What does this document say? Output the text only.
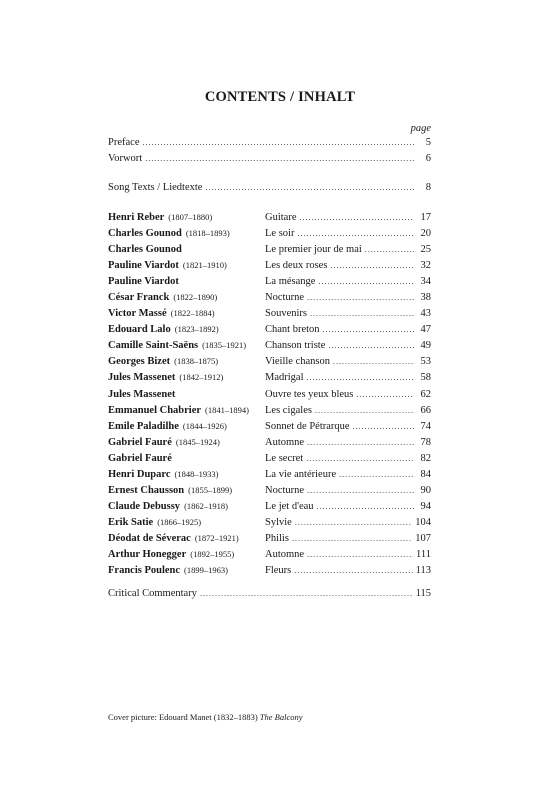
CONTENTS / INHALT
page
Preface .....	5
Vorwort .....	6
Song Texts / Liedtexte .....	8
Henri Reber (1807–1880)	Guitare .....	17
Charles Gounod (1818–1893)	Le soir .....	20
Charles Gounod	Le premier jour de mai .....	25
Pauline Viardot (1821–1910)	Les deux roses .....	32
Pauline Viardot	La mésange .....	34
César Franck (1822–1890)	Nocturne .....	38
Victor Massé (1822–1884)	Souvenirs .....	43
Edouard Lalo (1823–1892)	Chant breton .....	47
Camille Saint-Saëns (1835–1921) Chanson triste .....	49
Georges Bizet (1838–1875)	Vieille chanson .....	53
Jules Massenet (1842–1912)	Madrigal .....	58
Jules Massenet	Ouvre tes yeux bleus .....	62
Emmanuel Chabrier (1841–1894) Les cigales .....	66
Emile Paladilhe (1844–1926)	Sonnet de Pétrarque .....	74
Gabriel Fauré (1845–1924)	Automne .....	78
Gabriel Fauré	Le secret .....	82
Henri Duparc (1848–1933)	La vie antérieure .....	84
Ernest Chausson (1855–1899)	Nocturne .....	90
Claude Debussy (1862–1918)	Le jet d'eau .....	94
Erik Satie (1866–1925)	Sylvie .....	104
Déodat de Séverac (1872–1921)	Philis .....	107
Arthur Honegger (1892–1955)	Automne .....	111
Francis Poulenc (1899–1963)	Fleurs .....	113
Critical Commentary .....	115
Cover picture: Edouard Manet (1832–1883) The Balcony
